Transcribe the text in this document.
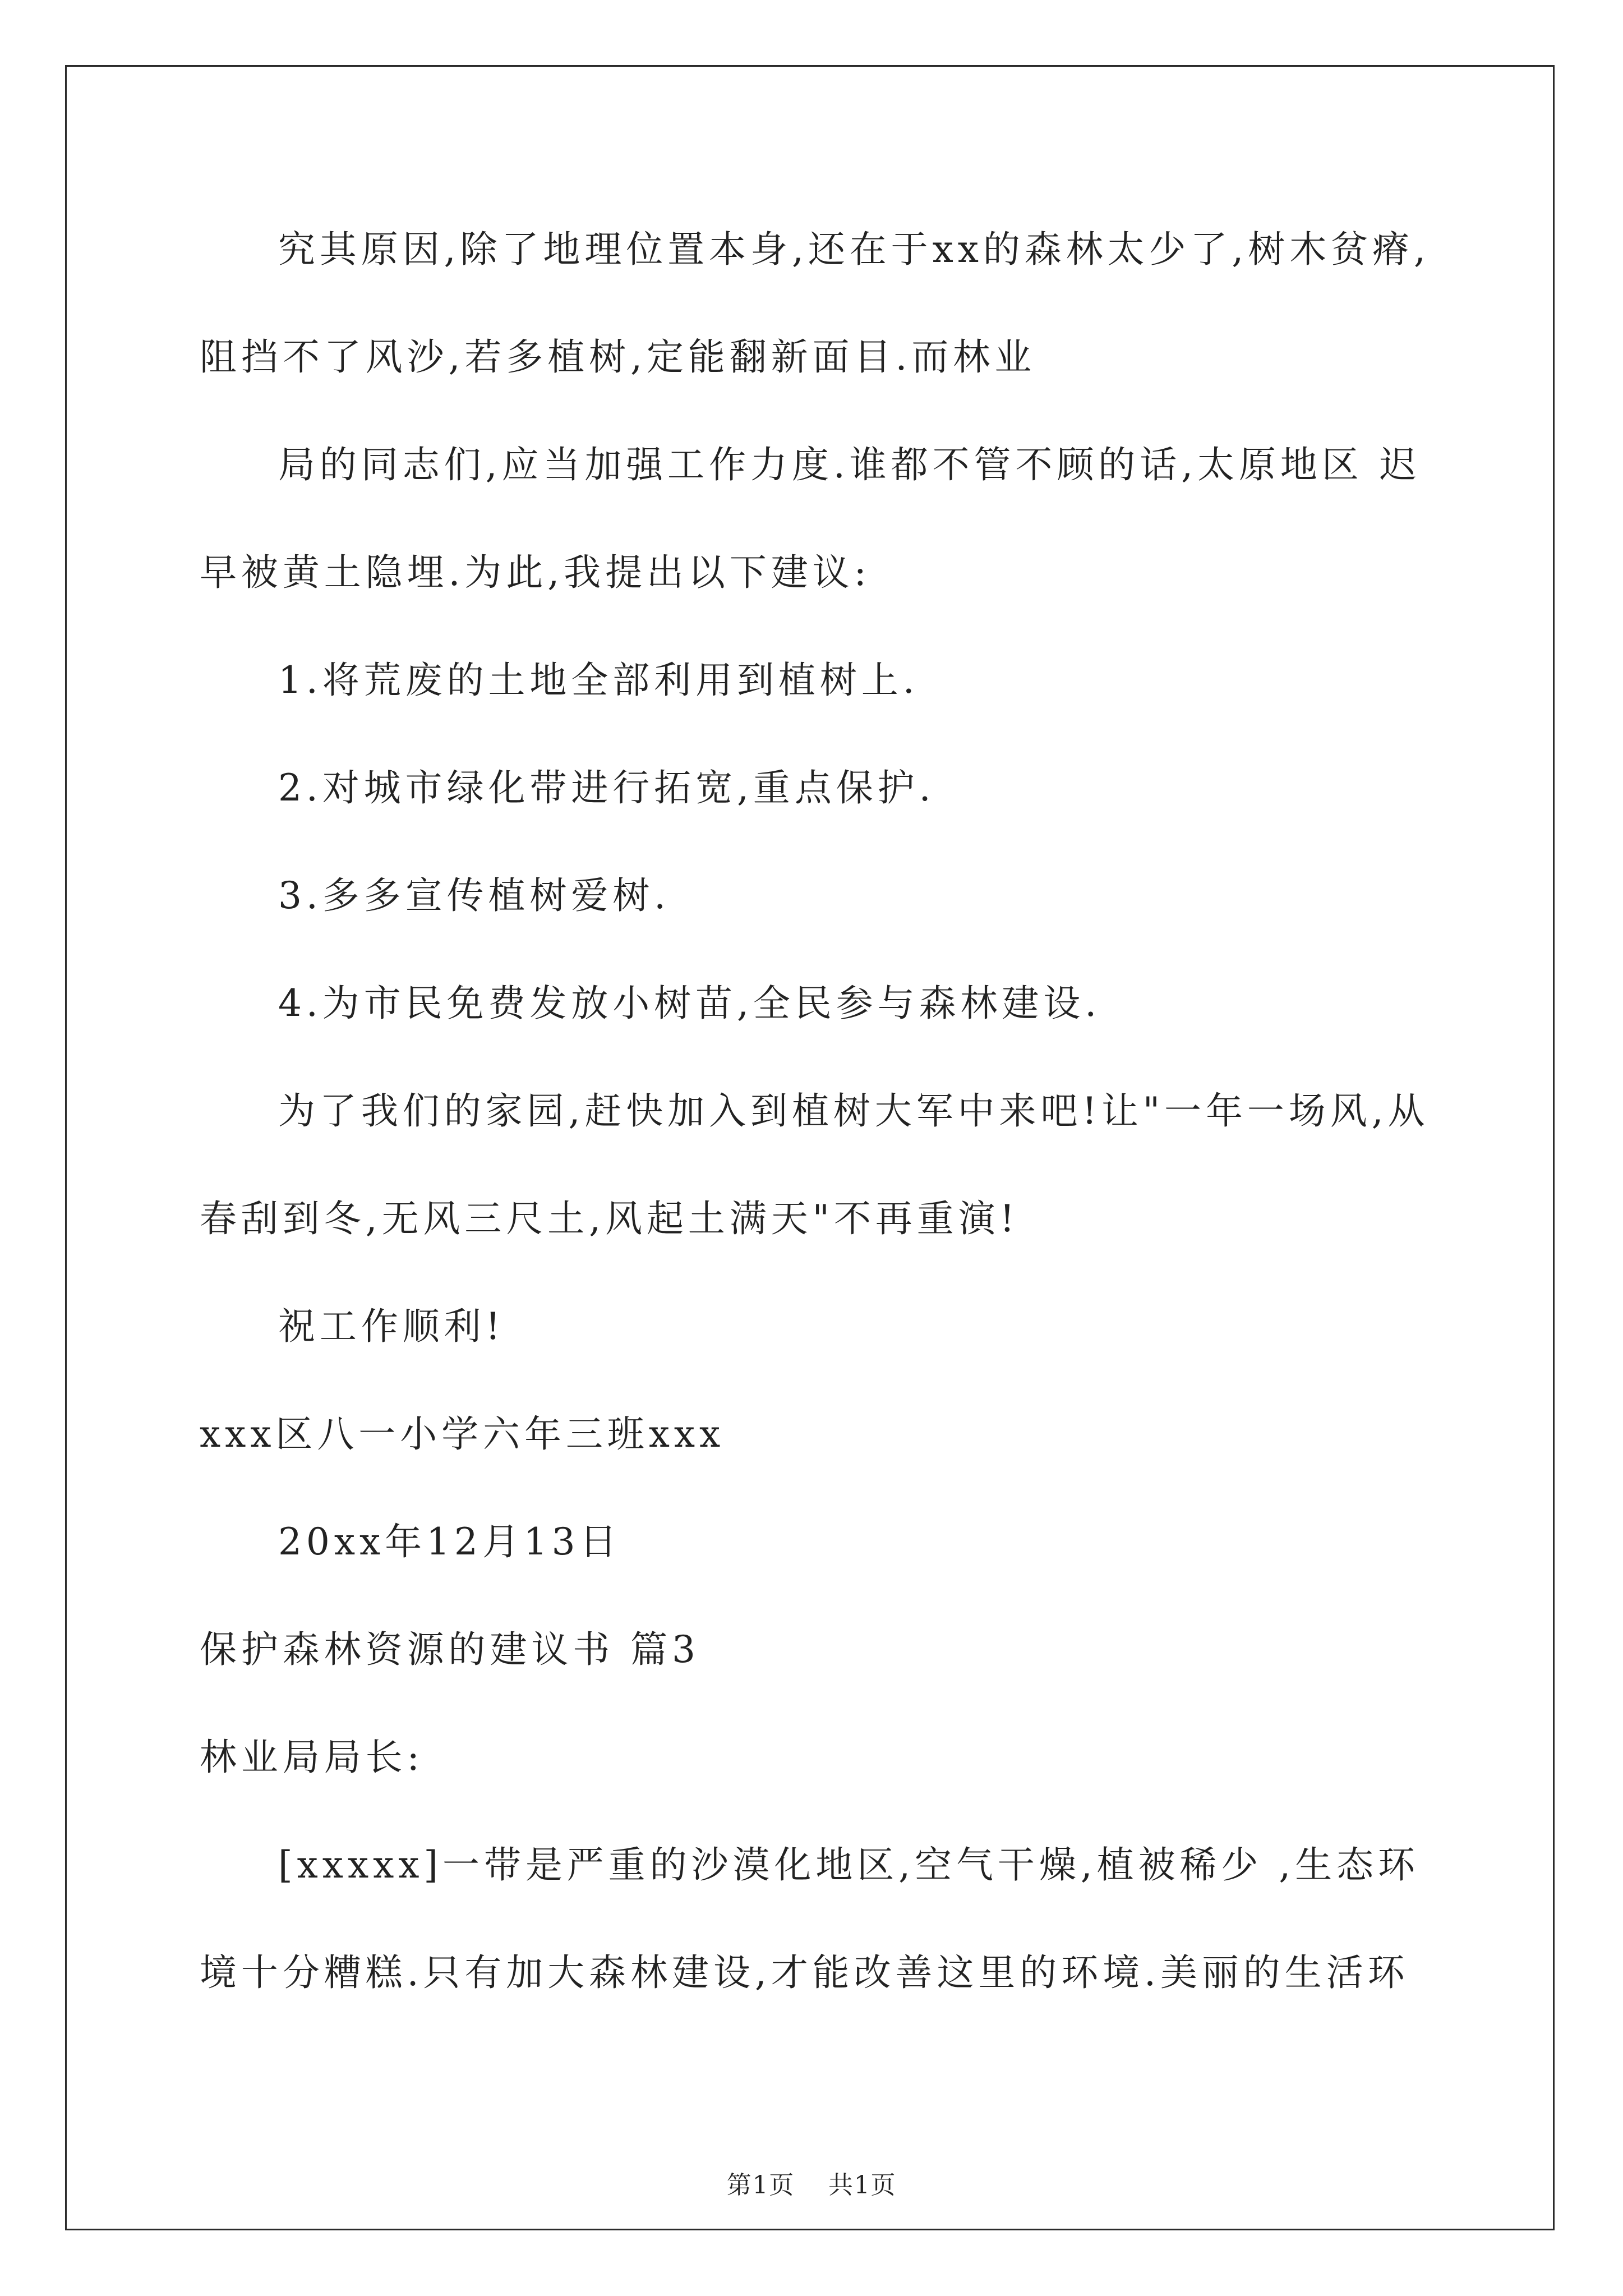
究其原因,除了地理位置本身,还在于xx的森林太少了,树木贫瘠,

阻挡不了风沙,若多植树,定能翻新面目.而林业

局的同志们,应当加强工作力度.谁都不管不顾的话,太原地区 迟

早被黄土隐埋.为此,我提出以下建议:

1.将荒废的土地全部利用到植树上.

2.对城市绿化带进行拓宽,重点保护.

3.多多宣传植树爱树.

4.为市民免费发放小树苗,全民参与森林建设.

为了我们的家园,赶快加入到植树大军中来吧!让"一年一场风,从

春刮到冬,无风三尺土,风起土满天"不再重演!

祝工作顺利!

xxx区八一小学六年三班xxx

20xx年12月13日

保护森林资源的建议书 篇3

林业局局长:

[xxxxx]一带是严重的沙漠化地区,空气干燥,植被稀少 ,生态环

境十分糟糕.只有加大森林建设,才能改善这里的环境.美丽的生活环

第1页 共1页
